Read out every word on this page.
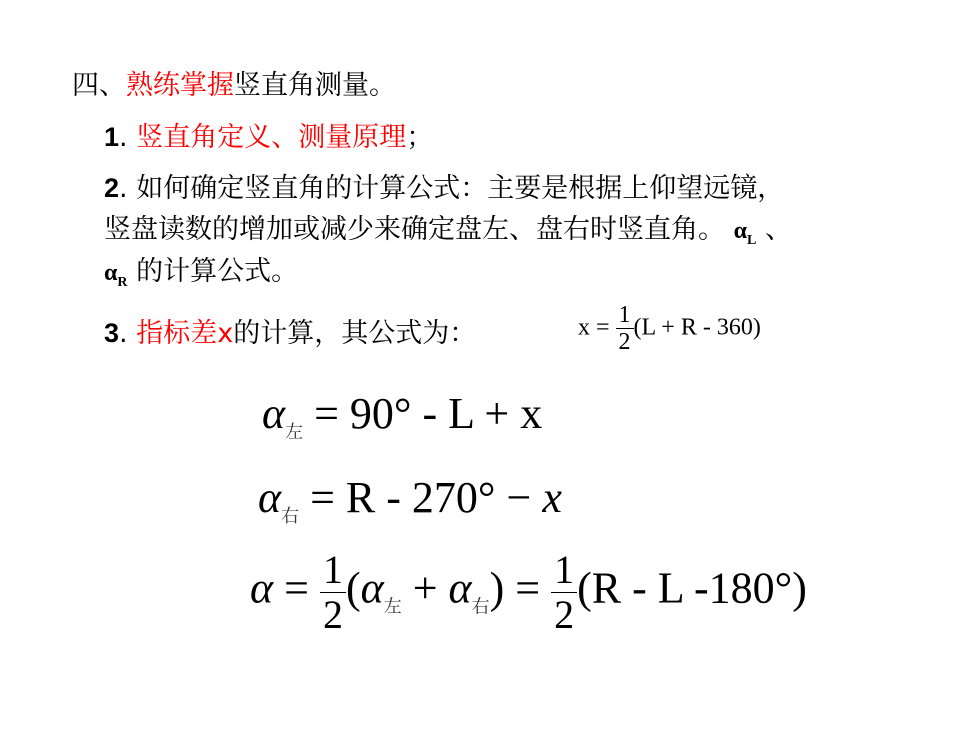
四、熟练掌握竖直角测量。
1. 竖直角定义、测量原理；
2. 如何确定竖直角的计算公式：主要是根据上仰望远镜，
竖盘读数的增加或减少来确定盘左、盘右时竖直角。 $\alpha_L$ 、
$\alpha_R$ 的计算公式。
3. 指标差x的计算，其公式为：	$x = \frac{1}{2} (L + R - 360)$
$\alpha_左 = 90^\circ - L + x$
$\alpha_右 = R - 270^\circ - x$
$\alpha = \frac{1}{2} (\alpha_左 + \alpha_右) = \frac{1}{2} (R - L$ -180°)
